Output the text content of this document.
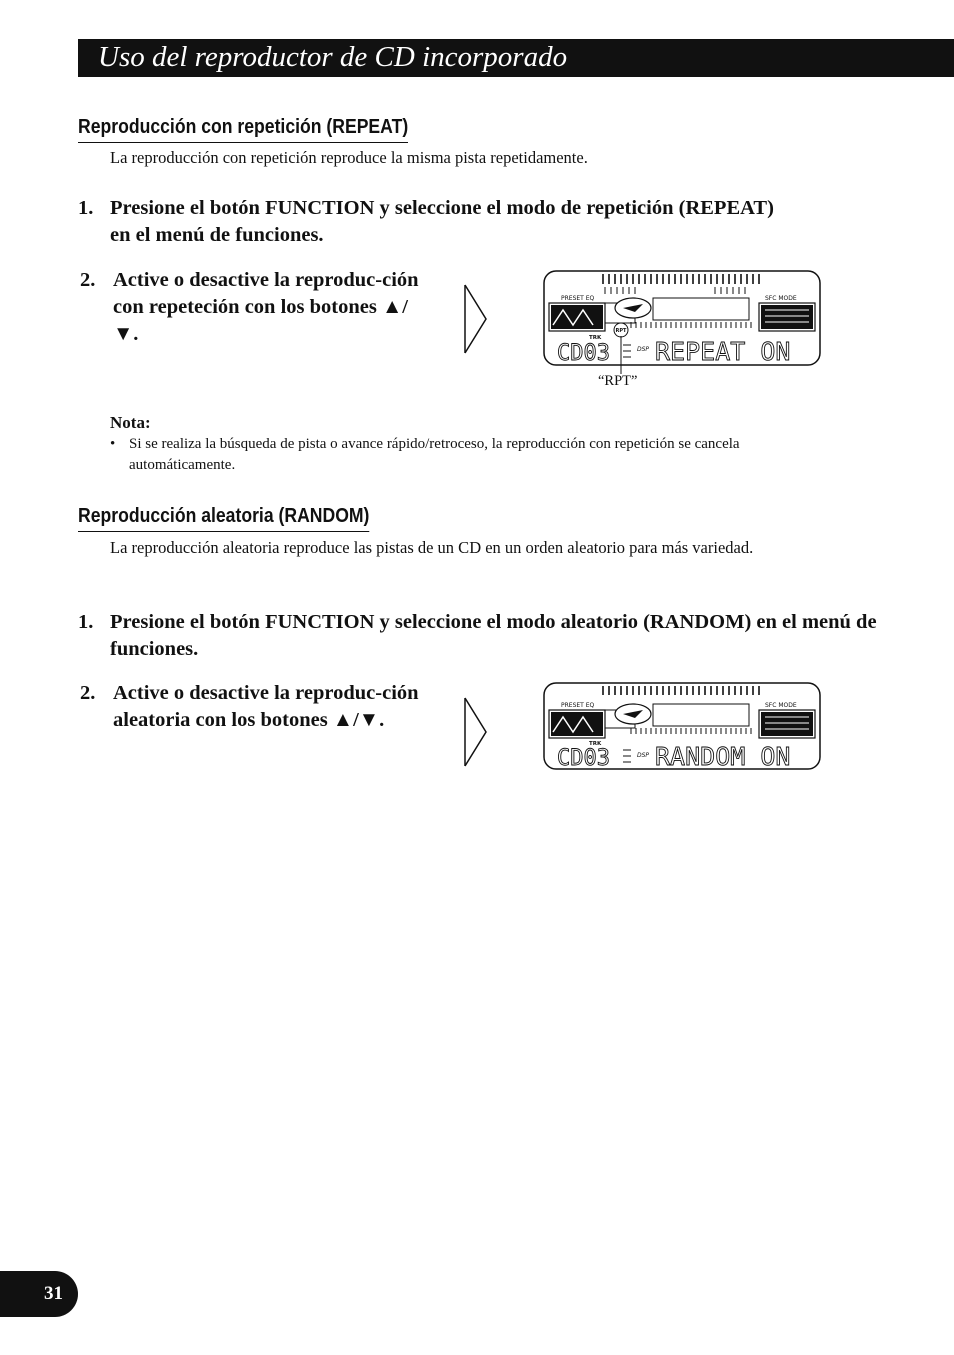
Uso del reproductor de CD incorporado
Reproducción con repetición (REPEAT)
La reproducción con repetición reproduce la misma pista repetidamente.
1. Presione el botón FUNCTION y seleccione el modo de repetición (REPEAT) en el menú de funciones.
2. Active o desactive la reproduc-ción con repeteción con los botones ▲/▼.
PRESET EQ	SFC MODE
RPT
TRK
DSP
CD03 REPEAT ON
“RPT”
Nota:
• Si se realiza la búsqueda de pista o avance rápido/retroceso, la reproducción con repetición se cancela automáticamente.
Reproducción aleatoria (RANDOM)
La reproducción aleatoria reproduce las pistas de un CD en un orden aleatorio para más variedad.
1. Presione el botón FUNCTION y seleccione el modo aleatorio (RANDOM) en el menú de funciones.
2. Active o desactive la reproduc-ción aleatoria con los botones ▲/▼.
PRESET EQ	SFC MODE
TRK
DSP
CD03 RANDOM ON
31
